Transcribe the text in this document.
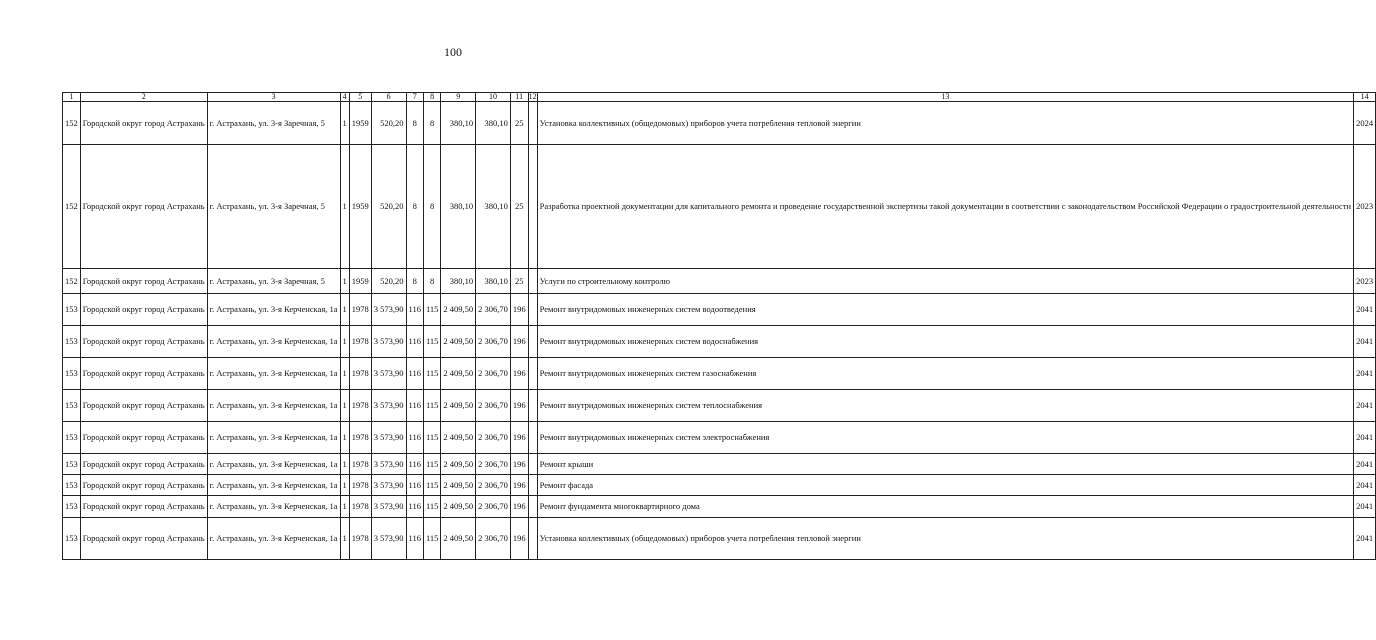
100
1	2	3	4	5	6	7	8	9	10	11	12	13	14
152	Городской округ город Астрахань	г. Астрахань, ул. 3-я Заречная, 5	1	1959	520,20	8	8	380,10	380,10	25		Установка коллективных (общедомовых) приборов учета потребления тепловой энергии	2024
152	Городской округ город Астрахань	г. Астрахань, ул. 3-я Заречная, 5	1	1959	520,20	8	8	380,10	380,10	25		Разработка проектной документации для капитального ремонта и проведение государственной экспертизы такой документации в соответствии с законодательством Российской Федерации о градостроительной деятельности	2023
152	Городской округ город Астрахань	г. Астрахань, ул. 3-я Заречная, 5	1	1959	520,20	8	8	380,10	380,10	25		Услуги по строительному контролю	2023
153	Городской округ город Астрахань	г. Астрахань, ул. 3-я Керченская, 1а	1	1978	3 573,90	116	115	2 409,50	2 306,70	196		Ремонт внутридомовых инженерных систем водоотведения	2041
153	Городской округ город Астрахань	г. Астрахань, ул. 3-я Керченская, 1а	1	1978	3 573,90	116	115	2 409,50	2 306,70	196		Ремонт внутридомовых инженерных систем водоснабжения	2041
153	Городской округ город Астрахань	г. Астрахань, ул. 3-я Керченская, 1а	1	1978	3 573,90	116	115	2 409,50	2 306,70	196		Ремонт внутридомовых инженерных систем газоснабжения	2041
153	Городской округ город Астрахань	г. Астрахань, ул. 3-я Керченская, 1а	1	1978	3 573,90	116	115	2 409,50	2 306,70	196		Ремонт внутридомовых инженерных систем теплоснабжения	2041
153	Городской округ город Астрахань	г. Астрахань, ул. 3-я Керченская, 1а	1	1978	3 573,90	116	115	2 409,50	2 306,70	196		Ремонт внутридомовых инженерных систем электроснабжения	2041
153	Городской округ город Астрахань	г. Астрахань, ул. 3-я Керченская, 1а	1	1978	3 573,90	116	115	2 409,50	2 306,70	196		Ремонт крыши	2041
153	Городской округ город Астрахань	г. Астрахань, ул. 3-я Керченская, 1а	1	1978	3 573,90	116	115	2 409,50	2 306,70	196		Ремонт фасада	2041
153	Городской округ город Астрахань	г. Астрахань, ул. 3-я Керченская, 1а	1	1978	3 573,90	116	115	2 409,50	2 306,70	196		Ремонт фундамента многоквартирного дома	2041
153	Городской округ город Астрахань	г. Астрахань, ул. 3-я Керченская, 1а	1	1978	3 573,90	116	115	2 409,50	2 306,70	196		Установка коллективных (общедомовых) приборов учета потребления тепловой энергии	2041
